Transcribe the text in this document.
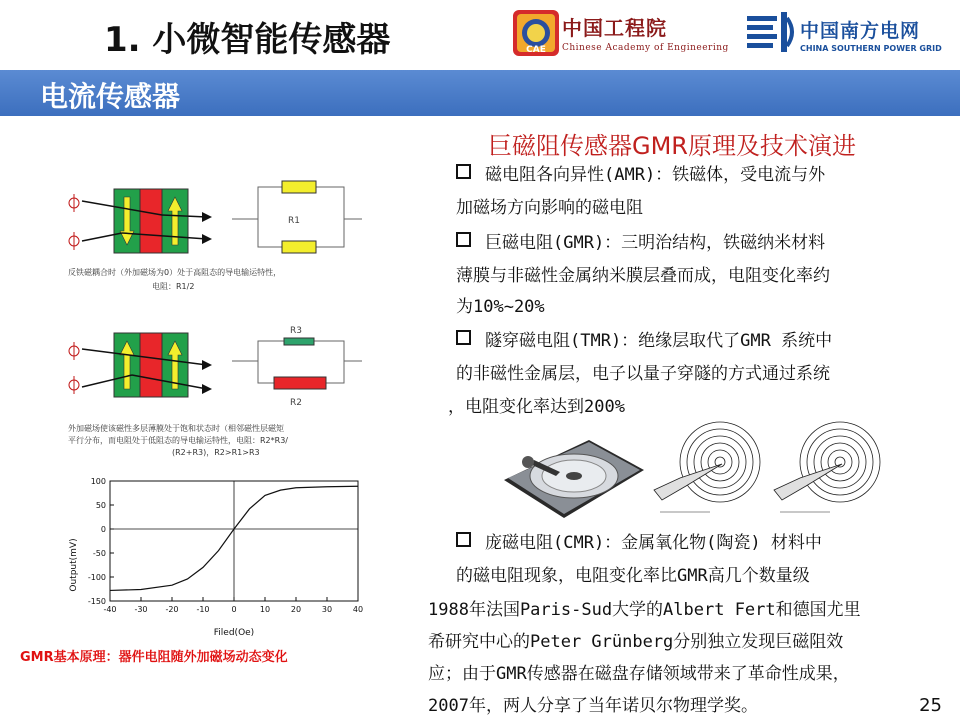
1. 小微智能传感器	CAE
中国工程院
Chinese Academy of Engineering
中国南方电网
CHINA SOUTHERN POWER GRID
电流传感器
R1
反铁磁耦合时（外加磁场为0）处于高阻态的导电输运特性，
电阻：R1/2
R3
R2
外加磁场使该磁性多层薄膜处于饱和状态时（相邻磁性层磁矩
平行分布，而电阻处于低阻态的导电输运特性，电阻：R2*R3/
(R2+R3)，R2>R1>R3
-40 -30 -20 -10	0	10	20	30	40
-150
-100
-50
0
50
100
Output(mV)
Filed(Oe)
GMR基本原理：器件电阻随外加磁场动态变化
巨磁阻传感器GMR原理及技术演进
磁电阻各向异性(AMR)：铁磁体，受电流与外
加磁场方向影响的磁电阻
巨磁电阻(GMR)：三明治结构，铁磁纳米材料
薄膜与非磁性金属纳米膜层叠而成，电阻变化率约
为10%~20%
隧穿磁电阻(TMR)：绝缘层取代了GMR 系统中
的非磁性金属层，电子以量子穿隧的方式通过系统
，电阻变化率达到200%
庞磁电阻(CMR)：金属氧化物(陶瓷) 材料中
的磁电阻现象，电阻变化率比GMR高几个数量级
1988年法国Paris-Sud大学的Albert Fert和德国尤里
希研究中心的Peter Grünberg分别独立发现巨磁阻效
应；由于GMR传感器在磁盘存储领域带来了革命性成果，
2007年，两人分享了当年诺贝尔物理学奖。	25
